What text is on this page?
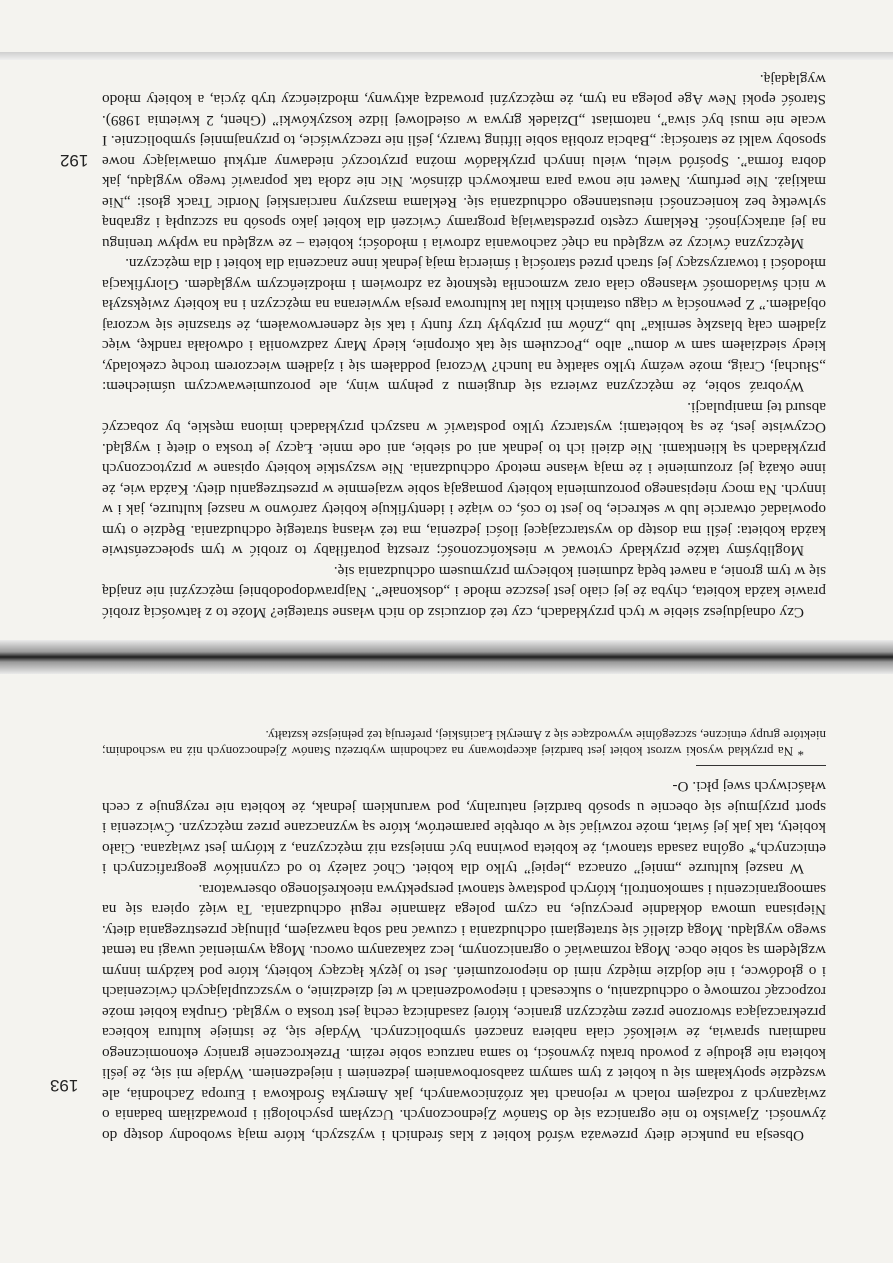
Czy odnajdujesz siebie w tych przykładach, czy też dorzucisz do nich własne strategie? Może to z łatwością zrobić prawie każda kobieta, chyba że jej ciało jest jeszcze młode i „doskonałe”. Najprawdopodobniej mężczyźni nie znajdą się w tym gronie, a nawet będą zdumieni kobiecym przymusem odchudzania się.

Moglibyśmy także przykłady cytować w nieskończoność; zresztą potrafiłaby to zrobić w tym społeczeństwie każda kobieta: jeśli ma dostęp do wystarczającej ilości jedzenia, ma też własną strategię odchudzania. Będzie o tym opowiadać otwarcie lub w sekrecie, bo jest to coś, co wiąże i identyfikuje kobiety zarówno w naszej kulturze, jak i w innych. Na mocy niepisanego porozumienia kobiety pomagają sobie wzajemnie w przestrzeganiu diety. Każda wie, że inne okażą jej zrozumienie i że mają własne metody odchudzania. Nie wszystkie kobiety opisane w przytoczonych przykładach są klientkami. Nie dzieli ich to jednak ani od siebie, ani ode mnie. Łączy je troska o dietę i wygląd. Oczywiste jest, że są kobietami; wystarczy tylko podstawić w naszych przykładach imiona męskie, by zobaczyć absurd tej manipulacji.

Wyobraź sobie, że mężczyzna zwierza się drugiemu z pełnym winy, ale porozumiewawczym uśmiechem: „Słuchaj, Craig, może weźmy tylko sałatkę na lunch? Wczoraj poddałem się i zjadłem wieczorem trochę czekolady, kiedy siedziałem sam w domu” albo „Poczułem się tak okropnie, kiedy Mary zadzwoniła i odwołała randkę, więc zjadłem całą blaszkę sernika” lub „Znów mi przybyły trzy funty i tak się zdenerwowałem, że strasznie się wczoraj objadłem.” Z pewnością w ciągu ostatnich kilku lat kulturowa presja wywierana na mężczyzn i na kobiety zwiększyła w nich świadomość własnego ciała oraz wzmocniła tęsknotę za zdrowiem i młodzieńczym wyglądem. Gloryfikacja młodości i towarzyszący jej strach przed starością i śmiercią mają jednak inne znaczenia dla kobiet i dla mężczyzn.

Mężczyzna ćwiczy ze względu na chęć zachowania zdrowia i młodości; kobieta – ze względu na wpływ treningu na jej atrakcyjność. Reklamy często przedstawiają programy ćwiczeń dla kobiet jako sposób na szczupłą i zgrabną sylwetkę bez konieczności nieustannego odchudzania się. Reklama maszyny narciarskiej Nordic Track głosi: „Nie makijaż. Nie perfumy. Nawet nie nowa para markowych dżinsów. Nic nie zdoła tak poprawić twego wyglądu, jak dobra forma”. Spośród wielu, wielu innych przykładów można przytoczyć niedawny artykuł omawiający nowe sposoby walki ze starością: „Babcia zrobiła sobie lifting twarzy, jeśli nie rzeczywiście, to przynajmniej symbolicznie. I wcale nie musi być siwa”, natomiast „Dziadek grywa w osiedlowej lidze koszykówki” (Ghent, 2 kwietnia 1989). Starość epoki New Age polega na tym, że mężczyźni prowadzą aktywny, młodzieńczy tryb życia, a kobiety młodo wyglądają.

Obsesja na punkcie diety przeważa wśród kobiet z klas średnich i wyższych, które mają swobodny dostęp do żywności. Zjawisko to nie ogranicza się do Stanów Zjednoczonych. Uczyłam psychologii i prowadziłam badania o związanych z rodzajem rolach w rejonach tak zróżnicowanych, jak Ameryka Środkowa i Europa Zachodnia, ale wszędzie spotykałam się u kobiet z tym samym zaabsorbowaniem jedzeniem i niejedzeniem. Wydaje mi się, że jeśli kobieta nie głoduje z powodu braku żywności, to sama narzuca sobie reżim. Przekroczenie granicy ekonomicznego nadmiaru sprawia, że wielkość ciała nabiera znaczeń symbolicznych. Wydaje się, że istnieje kultura kobieca przekraczająca stworzone przez mężczyzn granice, której zasadniczą cechą jest troska o wygląd. Grupka kobiet może rozpocząć rozmowę o odchudzaniu, o sukcesach i niepowodzeniach w tej dziedzinie, o wyszczuplających ćwiczeniach i o głodówce, i nie dojdzie między nimi do nieporozumień. Jest to język łączący kobiety, które pod każdym innym względem są sobie obce. Mogą rozmawiać o ograniczonym, lecz zakazanym owocu. Mogą wymieniać uwagi na temat swego wyglądu. Mogą dzielić się strategiami odchudzania i czuwać nad sobą nawzajem, pilnując przestrzegania diety. Niepisana umowa dokładnie precyzuje, na czym polega złamanie reguł odchudzania. Ta więź opiera się na samoograniczeniu i samokontroli, których podstawę stanowi perspektywa nieokreślonego obserwatora.

W naszej kulturze „mniej” oznacza „lepiej” tylko dla kobiet. Choć zależy to od czynników geograficznych i etnicznych,* ogólna zasada stanowi, że kobieta powinna być mniejsza niż mężczyzna, z którym jest związana. Ciało kobiety, tak jak jej świat, może rozwijać się w obrębie parametrów, które są wyznaczane przez mężczyzn. Ćwiczenia i sport przyjmuje się obecnie u sposób bardziej naturalny, pod warunkiem jednak, że kobieta nie rezygnuje z cech właściwych swej płci. O-

* Na przykład wysoki wzrost kobiet jest bardziej akceptowany na zachodnim wybrzeżu Stanów Zjednoczonych niż na wschodnim; niektóre grupy etniczne, szczególnie wywodzące się z Ameryki Łacińskiej, preferują też pełniejsze kształty.

192
193
